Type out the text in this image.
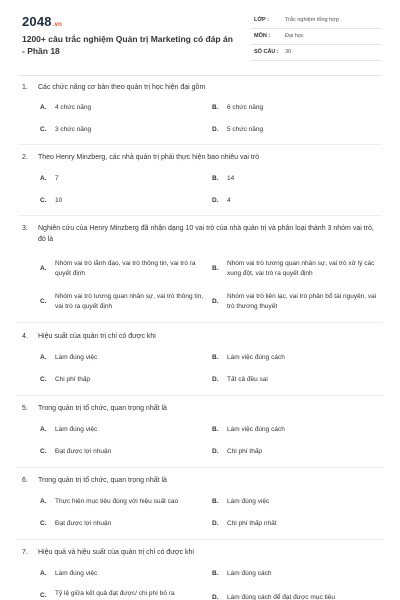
2048.vn
1200+ câu trắc nghiệm Quản trị Marketing có đáp án - Phần 18
LỚP :	Trắc nghiệm tổng hợp
MÔN :	Đại học
SỐ CÂU : 30
1. Các chức năng cơ bản theo quản trị học hiện đại gồm
A. 4 chức năng	B. 6 chức năng
C. 3 chức năng	D. 5 chức năng
2. Theo Henry Minzberg, các nhà quản trị phải thực hiện bao nhiêu vai trò
A. 7	B. 14
C. 10	D. 4
3. Nghiên cứu của Henry Minzberg đã nhận dạng 10 vai trò của nhà quản trị và phân loại thành 3 nhóm vai trò, đó là
A.
Nhóm vai trò lãnh đạo, vai trò thông tin, vai trò ra quyết định
B.
Nhóm vai trò tương quan nhân sự, vai trò xử lý các xung đột, vai trò ra quyết định
C.
Nhóm vai trò tương quan nhân sự, vai trò thông tin, vai trò ra quyết định
D.
Nhóm vai trò liên lạc, vai trò phân bổ tài nguyên, vai trò thương thuyết
4. Hiệu suất của quản trị chỉ có được khi
A. Làm đúng việc	B. Làm việc đúng cách
C. Chi phí thấp	D. Tất cả đều sai
5. Trong quản trị tổ chức, quan trọng nhất là
A. Làm đúng việc	B. Làm việc đúng cách
C. Đạt được lợi nhuận	D. Chi phí thấp
6. Trong quản trị tổ chức, quan trọng nhất là
A. Thực hiện mục tiêu đúng với hiệu suất cao	B. Làm đúng việc
C. Đạt được lợi nhuận	D. Chi phí thấp nhất
7. Hiệu quả và hiệu suất của quản trị chỉ có được khi
A. Làm đúng việc	B. Làm đúng cách
C. Tỷ lệ giữa kết quả đạt được/ chi phí bỏ ra
D. Làm đúng cách để đạt được mục tiêu
